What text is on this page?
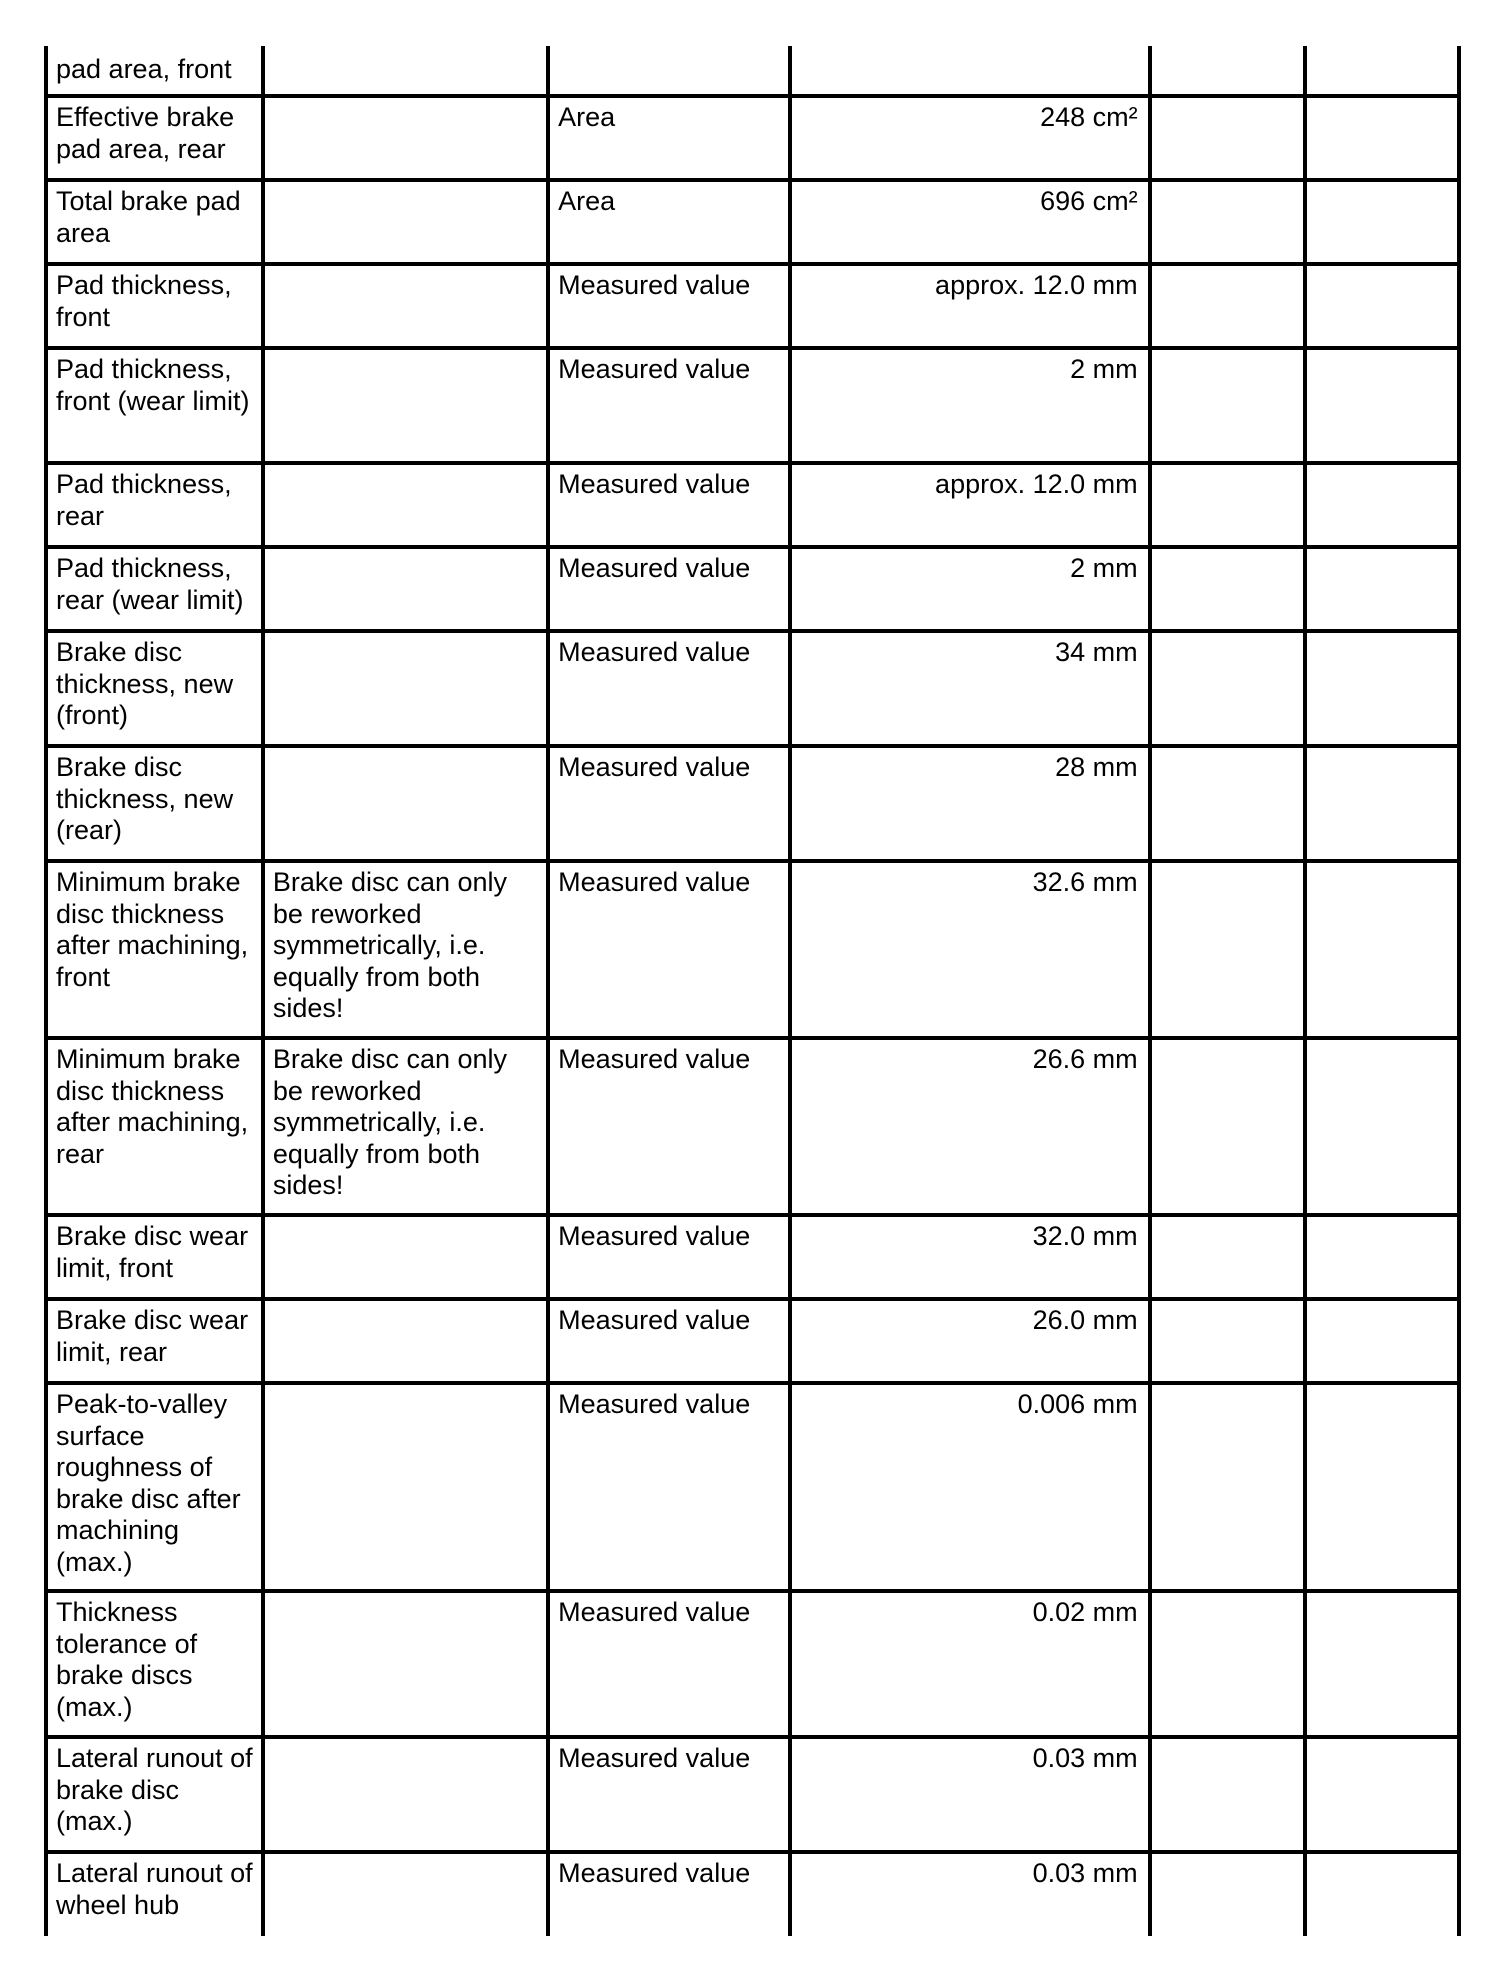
pad area, front					
Effective brake pad area, rear		Area	248 cm²		
Total brake pad area		Area	696 cm²		
Pad thickness, front		Measured value	approx. 12.0 mm		
Pad thickness, front (wear limit)		Measured value	2 mm		
Pad thickness, rear		Measured value	approx. 12.0 mm		
Pad thickness, rear (wear limit)		Measured value	2 mm		
Brake disc thickness, new (front)		Measured value	34 mm		
Brake disc thickness, new (rear)		Measured value	28 mm		
Minimum brake disc thickness after machining, front	Brake disc can only be reworked symmetrically, i.e. equally from both sides!	Measured value	32.6 mm		
Minimum brake disc thickness after machining, rear	Brake disc can only be reworked symmetrically, i.e. equally from both sides!	Measured value	26.6 mm		
Brake disc wear limit, front		Measured value	32.0 mm		
Brake disc wear limit, rear		Measured value	26.0 mm		
Peak-to-valley surface roughness of brake disc after machining (max.)		Measured value	0.006 mm		
Thickness tolerance of brake discs (max.)		Measured value	0.02 mm		
Lateral runout of brake disc (max.)		Measured value	0.03 mm		
Lateral runout of wheel hub		Measured value	0.03 mm		
